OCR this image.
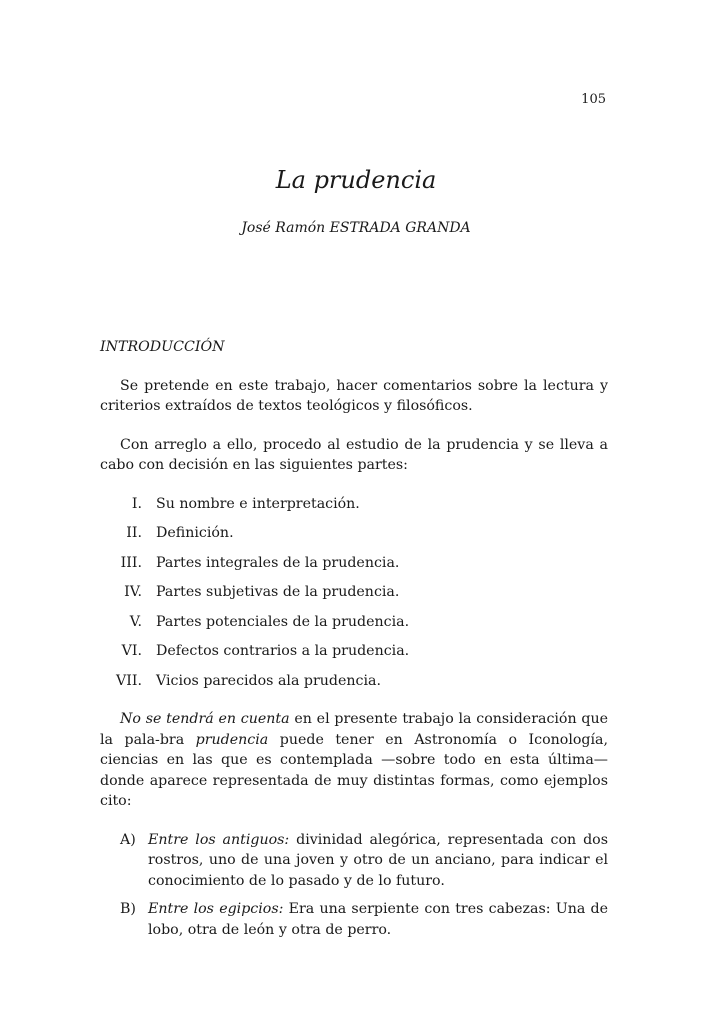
105
La prudencia
José Ramón ESTRADA GRANDA
INTRODUCCIÓN

Se pretende en este trabajo, hacer comentarios sobre la lectura y criterios extraídos de textos teológicos y filosóficos.

Con arreglo a ello, procedo al estudio de la prudencia y se lleva a cabo con decisión en las siguientes partes:

I. Su nombre e interpretación.
II. Definición.
III. Partes integrales de la prudencia.
IV. Partes subjetivas de la prudencia.
V. Partes potenciales de la prudencia.
VI. Defectos contrarios a la prudencia.
VII. Vicios parecidos ala prudencia.

No se tendrá en cuenta en el presente trabajo la consideración que la pala-bra prudencia puede tener en Astronomía o Iconología, ciencias en las que es contemplada —sobre todo en esta última— donde aparece representada de muy distintas formas, como ejemplos cito:

A) Entre los antiguos: divinidad alegórica, representada con dos rostros, uno de una joven y otro de un anciano, para indicar el conocimiento de lo pasado y de lo futuro.
B) Entre los egipcios: Era una serpiente con tres cabezas: Una de lobo, otra de león y otra de perro.
